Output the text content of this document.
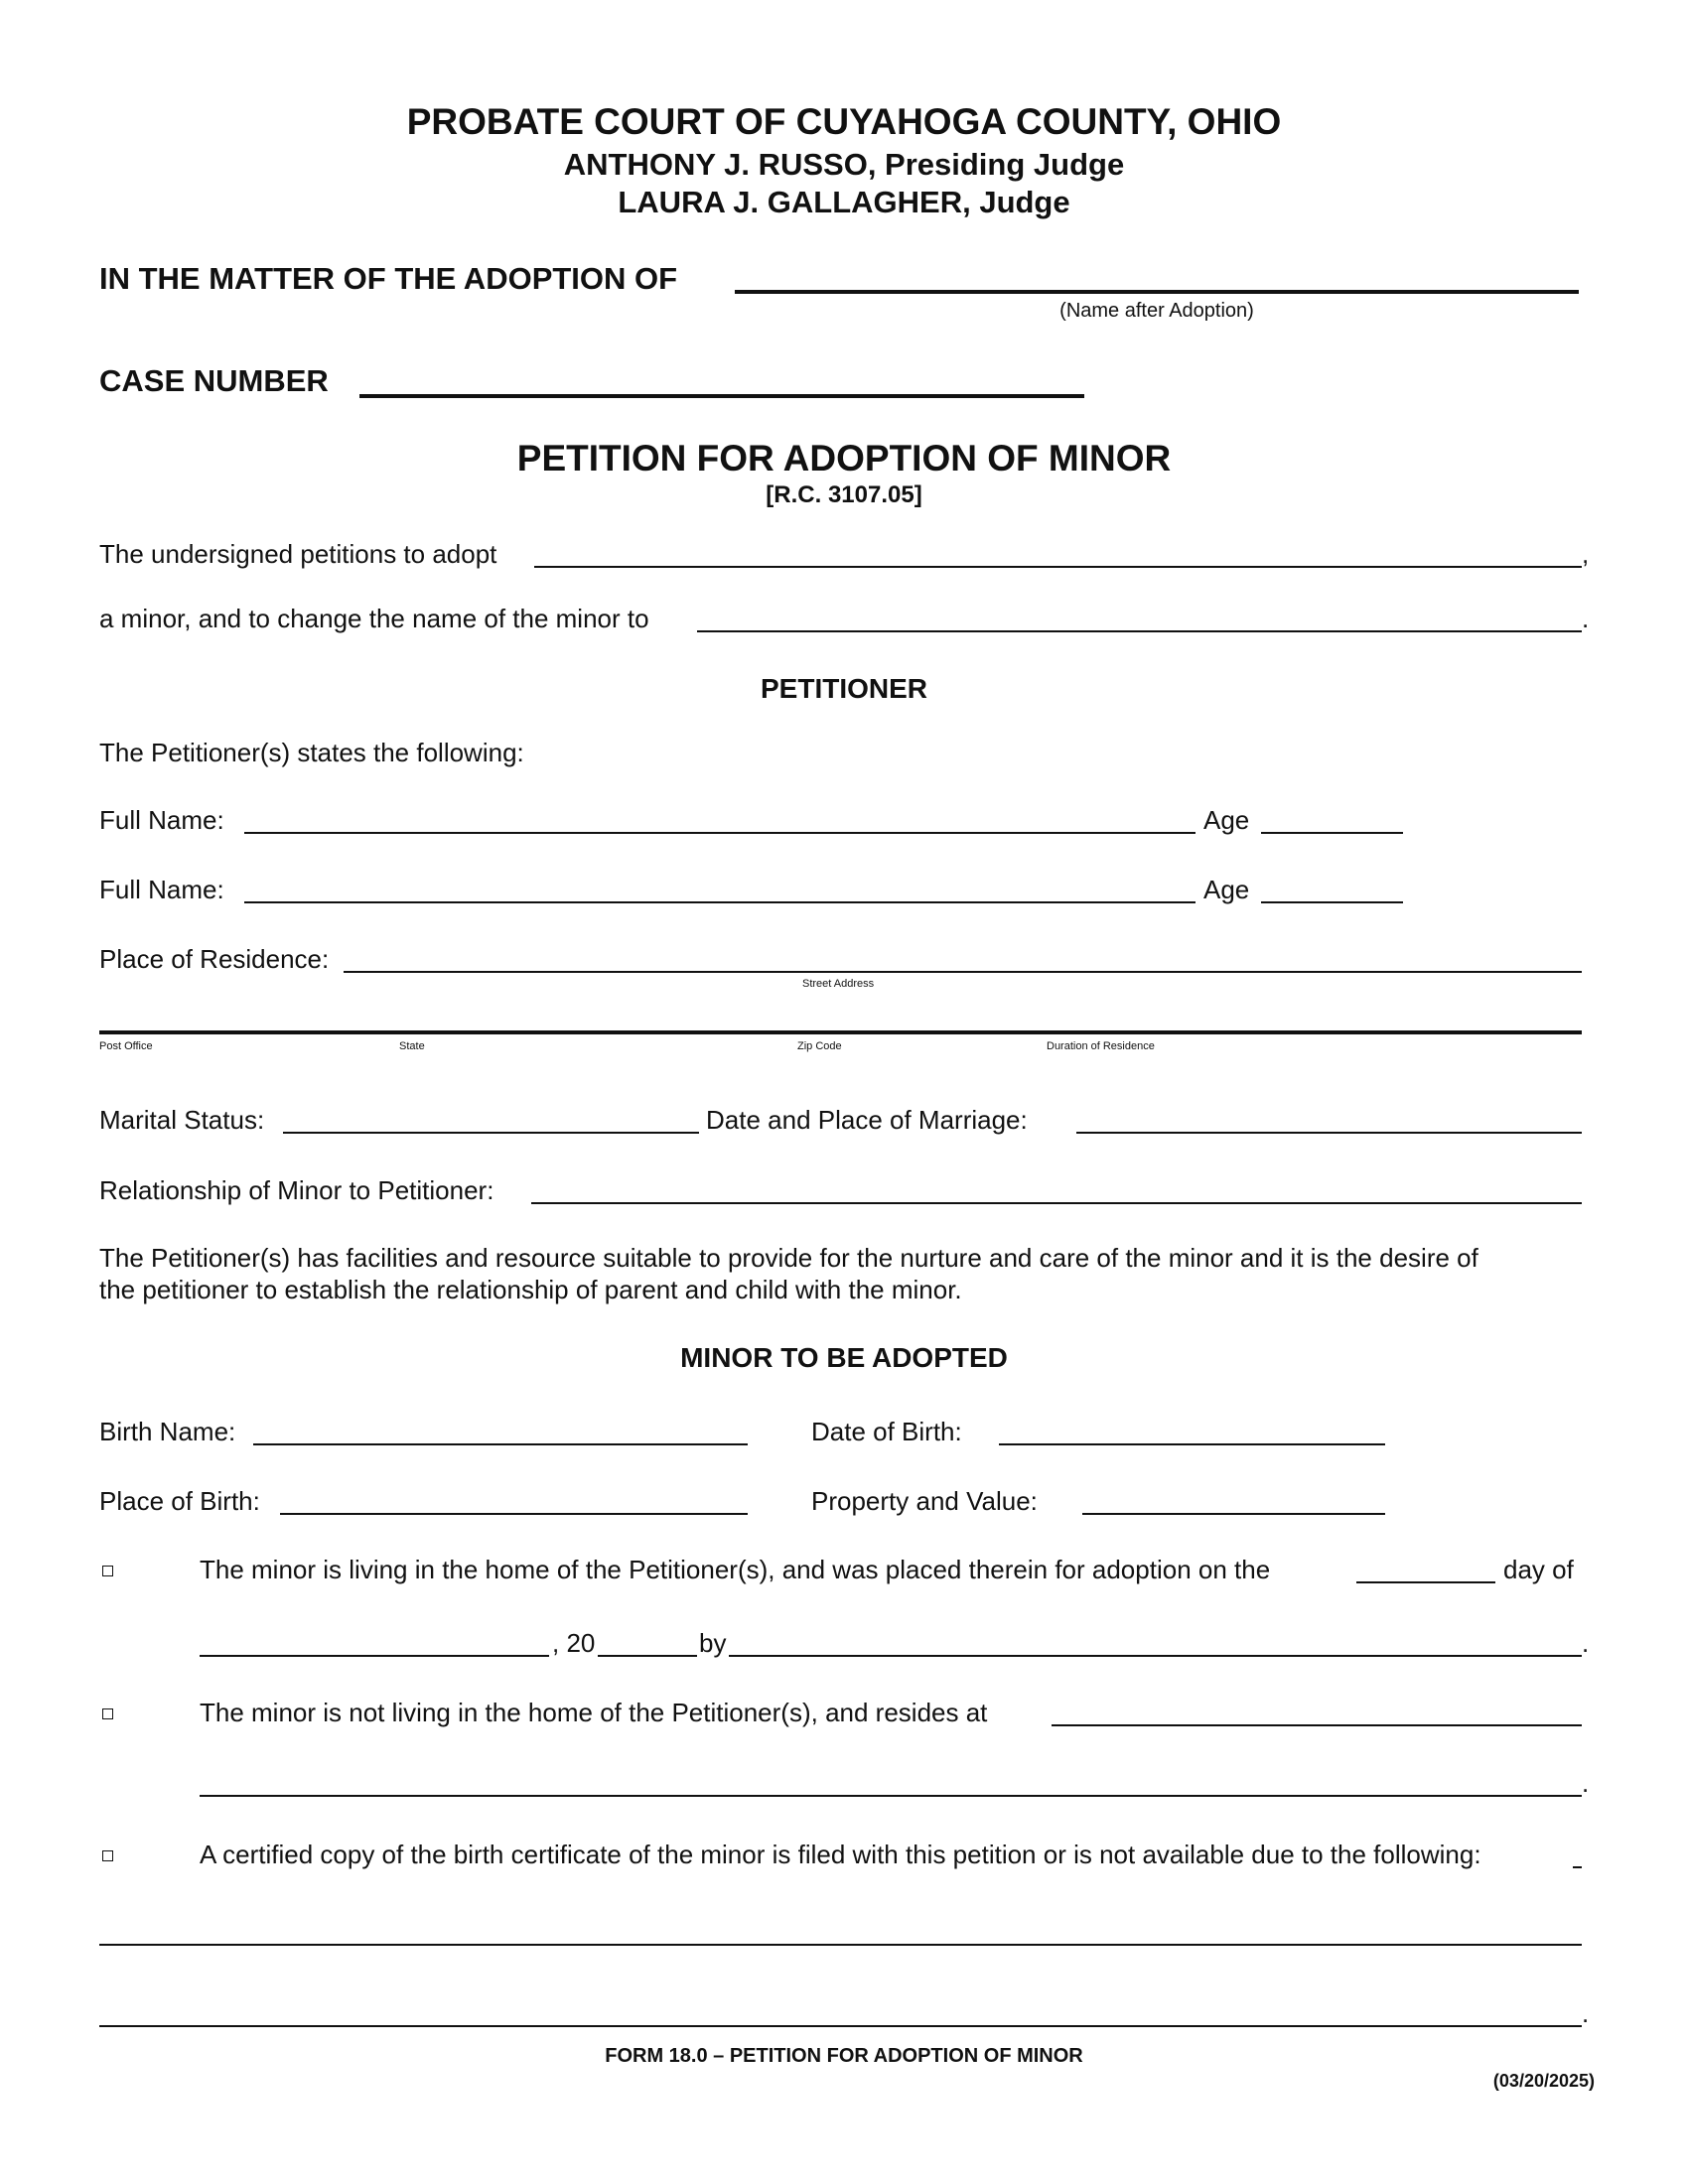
PROBATE COURT OF CUYAHOGA COUNTY, OHIO
ANTHONY J. RUSSO, Presiding Judge
LAURA J. GALLAGHER, Judge
IN THE MATTER OF THE ADOPTION OF
(Name after Adoption)
CASE NUMBER
PETITION FOR ADOPTION OF MINOR
[R.C. 3107.05]
The undersigned petitions to adopt	,
a minor, and to change the name of the minor to	.
PETITIONER
The Petitioner(s) states the following:
Full Name:	Age
Full Name:	Age
Place of Residence:
Street Address
Post Office	State	Zip Code	Duration of Residence
Marital Status:	Date and Place of Marriage:
Relationship of Minor to Petitioner:
The Petitioner(s) has facilities and resource suitable to provide for the nurture and care of the minor and it is the desire of
the petitioner to establish the relationship of parent and child with the minor.
MINOR TO BE ADOPTED
Birth Name:	Date of Birth:
Place of Birth:	Property and Value:
The minor is living in the home of the Petitioner(s), and was placed therein for adoption on the	day of
, 20	by	.
The minor is not living in the home of the Petitioner(s), and resides at
.
A certified copy of the birth certificate of the minor is filed with this petition or is not available due to the following:
.
FORM 18.0 – PETITION FOR ADOPTION OF MINOR
(03/20/2025)
